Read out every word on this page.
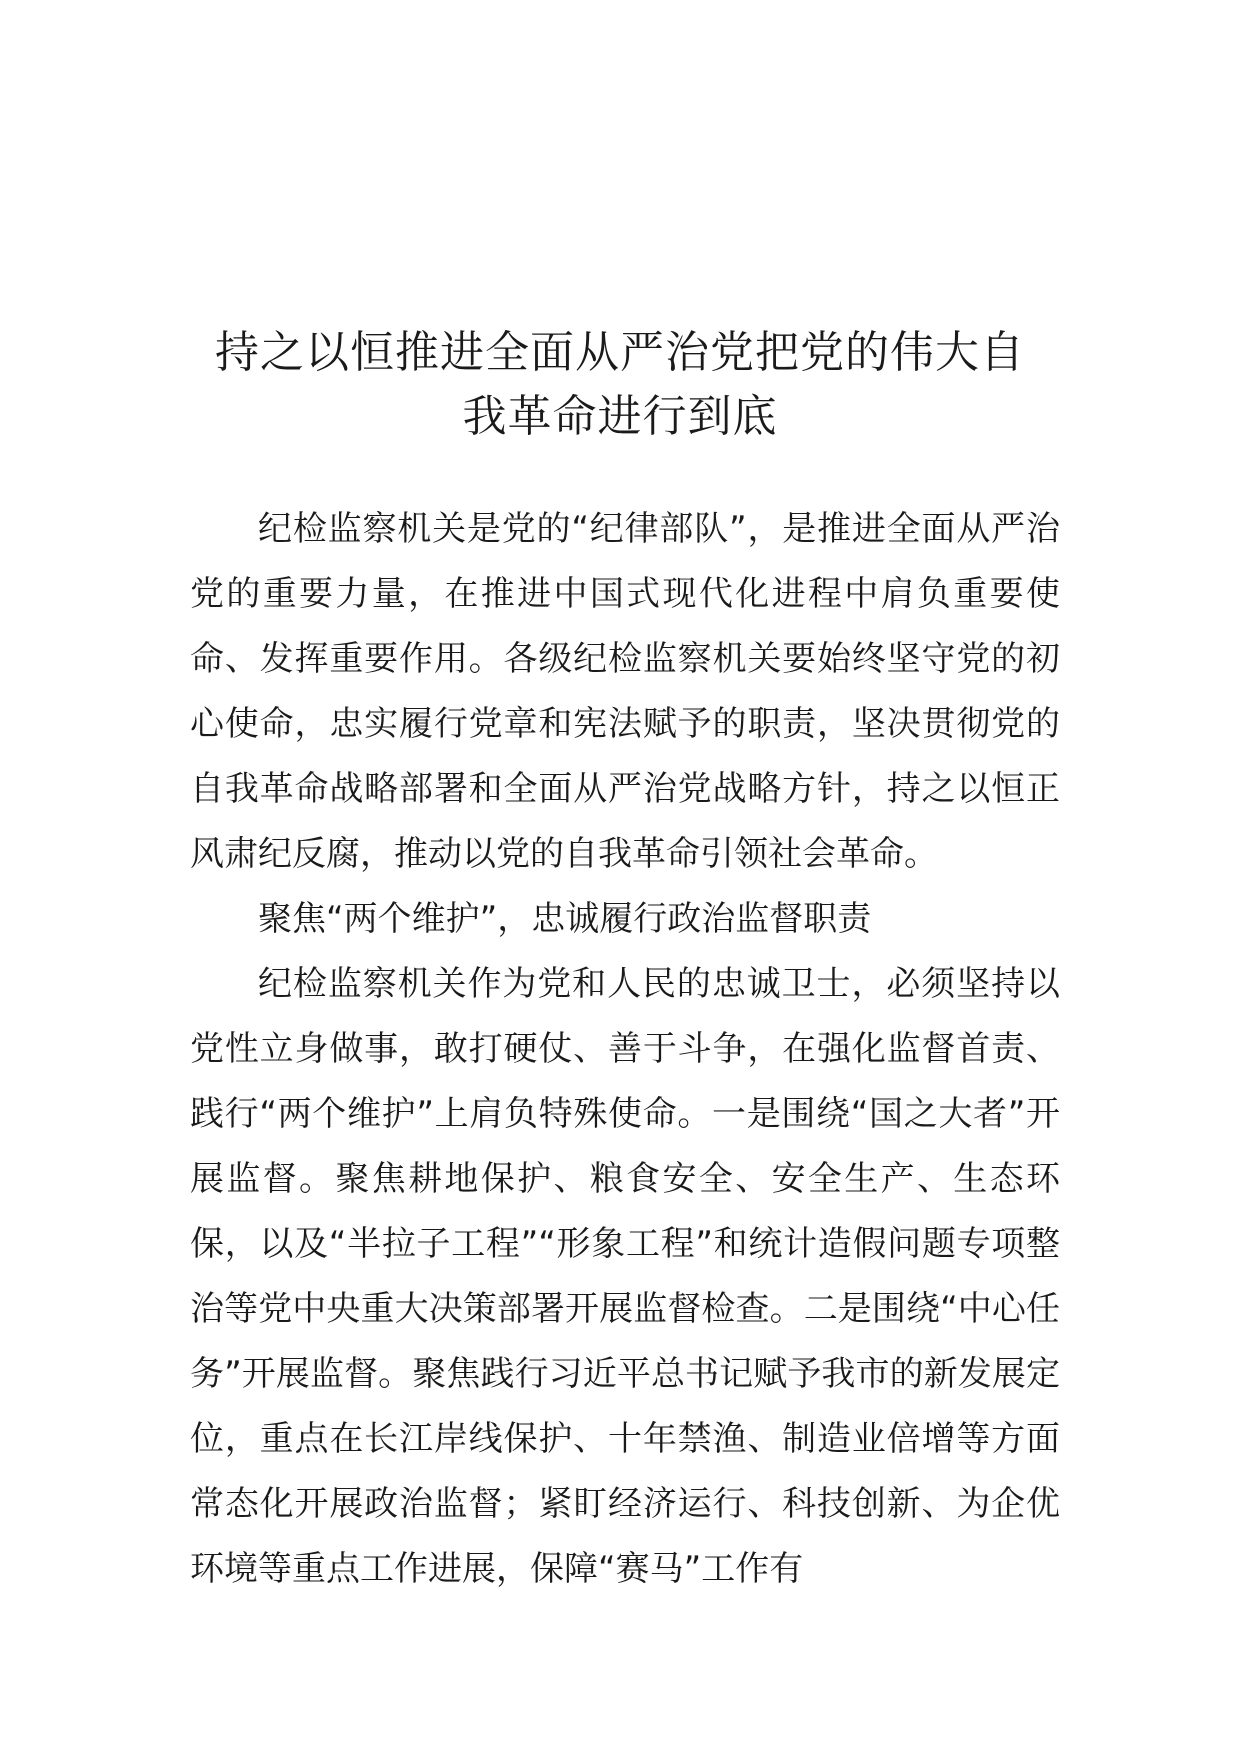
持之以恒推进全面从严治党把党的伟大自
我革命进行到底

纪检监察机关是党的“纪律部队”，是推进全面从严治党的重要力量，在推进中国式现代化进程中肩负重要使命、发挥重要作用。各级纪检监察机关要始终坚守党的初心使命，忠实履行党章和宪法赋予的职责，坚决贯彻党的自我革命战略部署和全面从严治党战略方针，持之以恒正风肃纪反腐，推动以党的自我革命引领社会革命。

聚焦“两个维护”，忠诚履行政治监督职责

纪检监察机关作为党和人民的忠诚卫士，必须坚持以党性立身做事，敢打硬仗、善于斗争，在强化监督首责、践行“两个维护”上肩负特殊使命。一是围绕“国之大者”开展监督。聚焦耕地保护、粮食安全、安全生产、生态环保，以及“半拉子工程”“形象工程”和统计造假问题专项整治等党中央重大决策部署开展监督检查。二是围绕“中心任务”开展监督。聚焦践行习近平总书记赋予我市的新发展定位，重点在长江岸线保护、十年禁渔、制造业倍增等方面常态化开展政治监督；紧盯经济运行、科技创新、为企优环境等重点工作进展，保障“赛马”工作有
